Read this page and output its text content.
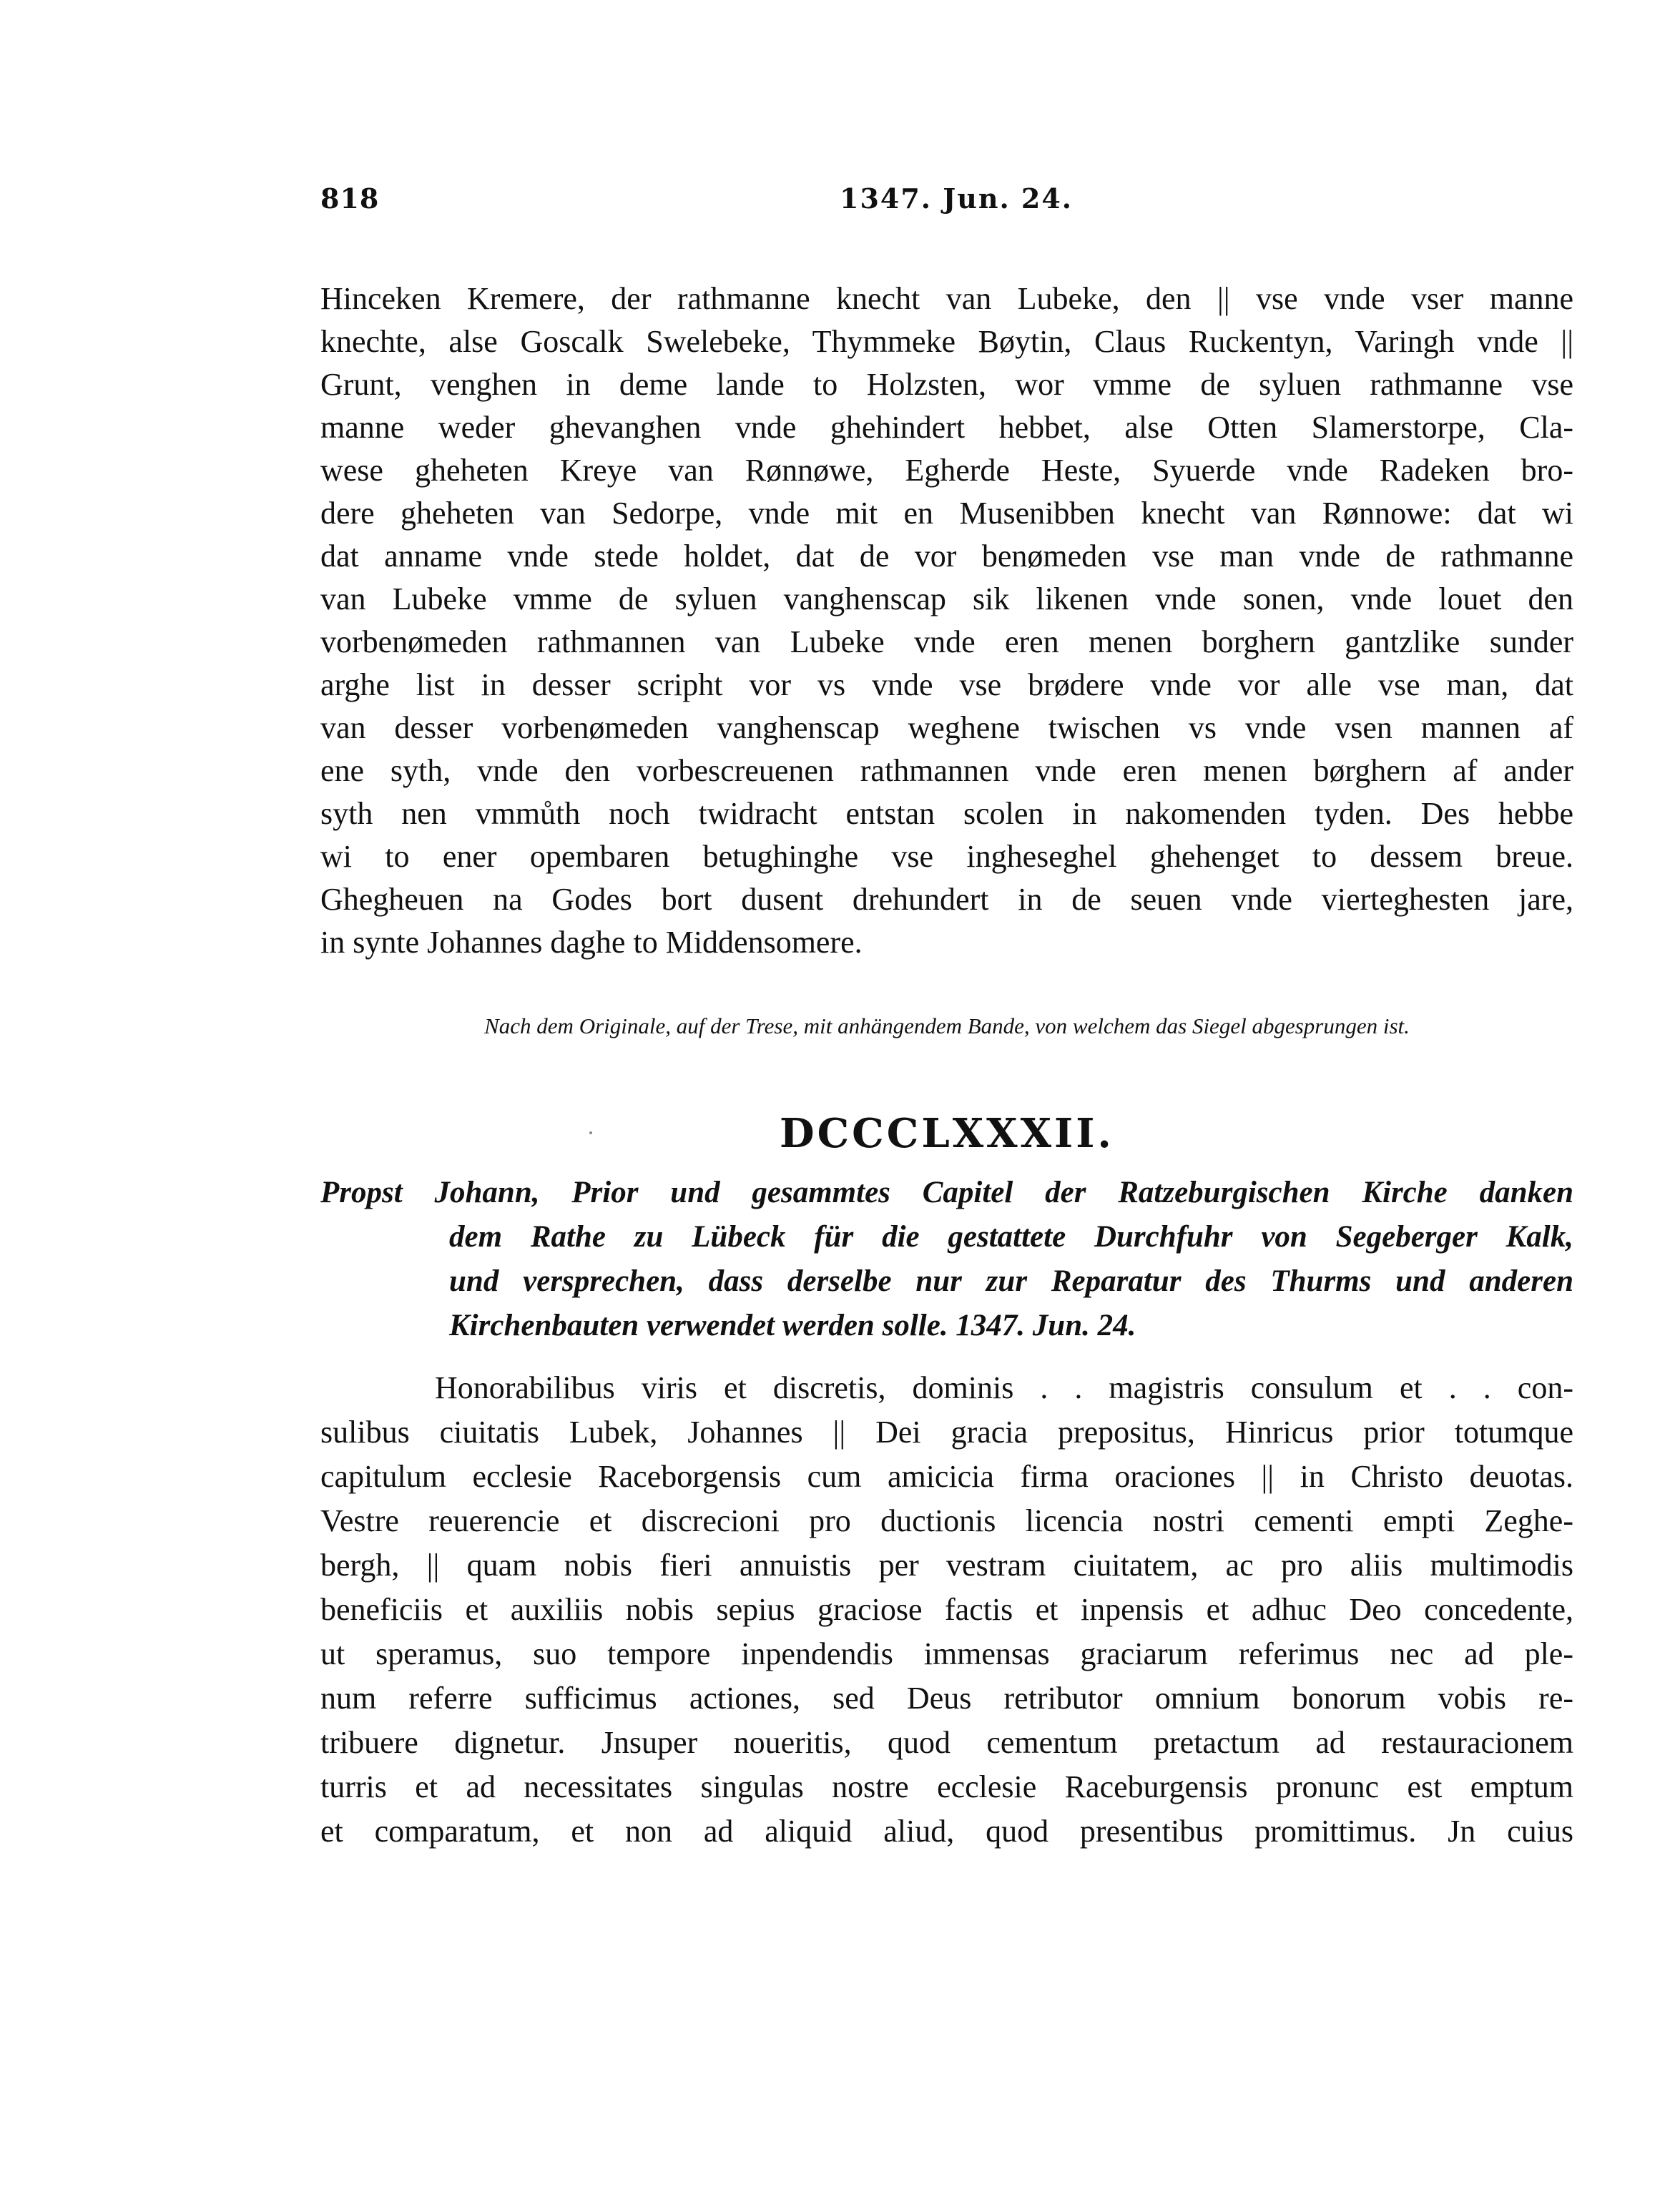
818	1347. Jun. 24.
Hinceken Kremere, der rathmanne knecht van Lubeke, den || vse vnde vser manne
knechte, alse Goscalk Swelebeke, Thymmeke Bøytin, Claus Ruckentyn, Varingh vnde ||
Grunt, venghen in deme lande to Holzsten, wor vmme de syluen rathmanne vse
manne weder ghevanghen vnde ghehindert hebbet, alse Otten Slamerstorpe, Cla-
wese gheheten Kreye van Rønnøwe, Egherde Heste, Syuerde vnde Radeken bro-
dere gheheten van Sedorpe, vnde mit en Musenibben knecht van Rønnowe: dat wi
dat anname vnde stede holdet, dat de vor benømeden vse man vnde de rathmanne
van Lubeke vmme de syluen vanghenscap sik likenen vnde sonen, vnde louet den
vorbenømeden rathmannen van Lubeke vnde eren menen borghern gantzlike sunder
arghe list in desser scripht vor vs vnde vse brødere vnde vor alle vse man, dat
van desser vorbenømeden vanghenscap weghene twischen vs vnde vsen mannen af
ene syth, vnde den vorbescreuenen rathmannen vnde eren menen børghern af ander
syth nen vmmůth noch twidracht entstan scolen in nakomenden tyden. Des hebbe
wi to ener opembaren betughinghe vse ingheseghel ghehenget to dessem breue.
Ghegheuen na Godes bort dusent drehundert in de seuen vnde vierteghesten jare,
in synte Johannes daghe to Middensomere.
Nach dem Originale, auf der Trese, mit anhängendem Bande, von welchem das Siegel abgesprungen ist.
DCCCLXXXII.
Propst Johann, Prior und gesammtes Capitel der Ratzeburgischen Kirche danken
dem Rathe zu Lübeck für die gestattete Durchfuhr von Segeberger Kalk,
und versprechen, dass derselbe nur zur Reparatur des Thurms und anderen
Kirchenbauten verwendet werden solle. 1347. Jun. 24.
Honorabilibus viris et discretis, dominis . . magistris consulum et . . con-
sulibus ciuitatis Lubek, Johannes || Dei gracia prepositus, Hinricus prior totumque
capitulum ecclesie Raceborgensis cum amicicia firma oraciones || in Christo deuotas.
Vestre reuerencie et discrecioni pro ductionis licencia nostri cementi empti Zeghe-
bergh, || quam nobis fieri annuistis per vestram ciuitatem, ac pro aliis multimodis
beneficiis et auxiliis nobis sepius graciose factis et inpensis et adhuc Deo concedente,
ut speramus, suo tempore inpendendis immensas graciarum referimus nec ad ple-
num referre sufficimus actiones, sed Deus retributor omnium bonorum vobis re-
tribuere dignetur. Jnsuper noueritis, quod cementum pretactum ad restauracionem
turris et ad necessitates singulas nostre ecclesie Raceburgensis pronunc est emptum
et comparatum, et non ad aliquid aliud, quod presentibus promittimus. Jn cuius
